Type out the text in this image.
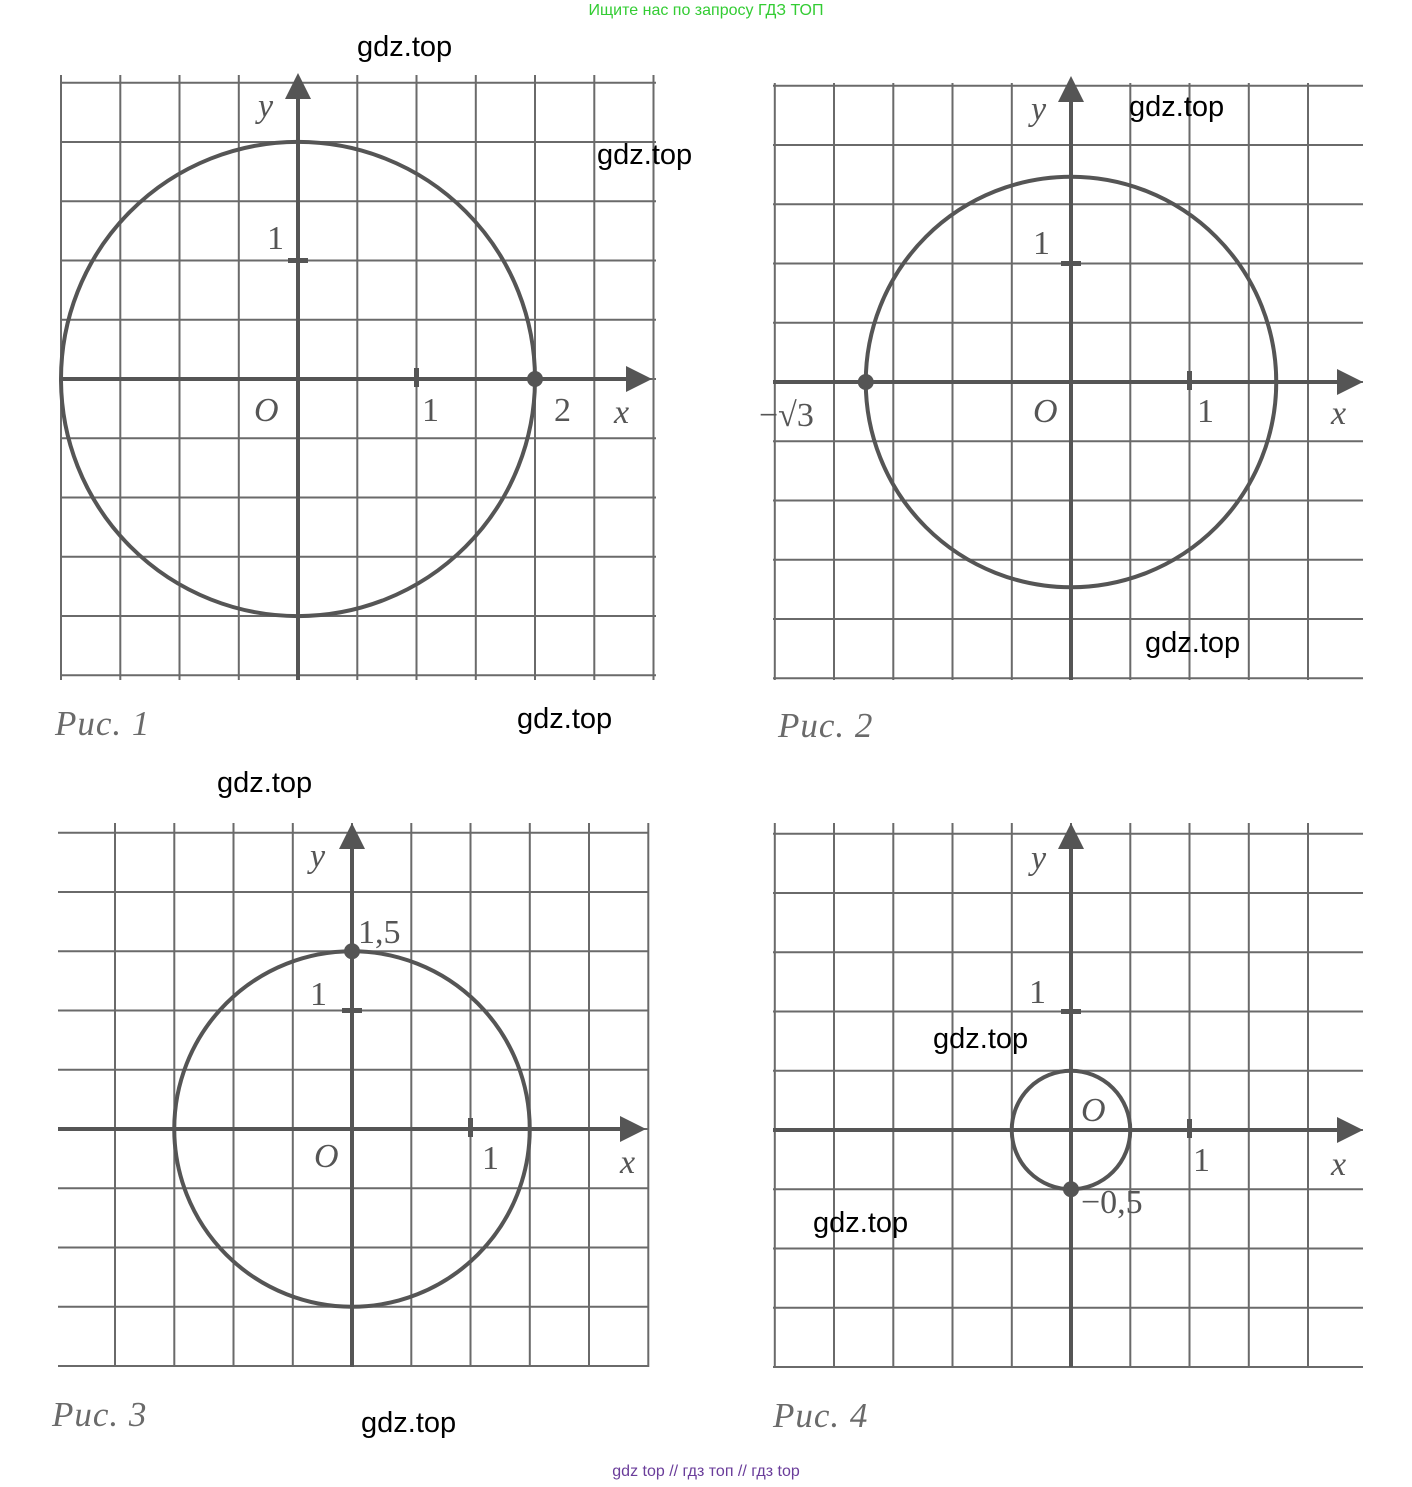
Ищите нас по запросу ГДЗ ТОП
y
x
O	1
1
2
y
x
O	1
1
−√3
y
x
O	1
1
1,5
y
x
O
1
1
−0,5
Рис. 1	Рис. 2
Рис. 3	Рис. 4
gdz.top
gdz.top
gdz.top
gdz.top
gdz.top
gdz.top
gdz.top
gdz.top
gdz.top
gdz top // гдз топ // гдз top
